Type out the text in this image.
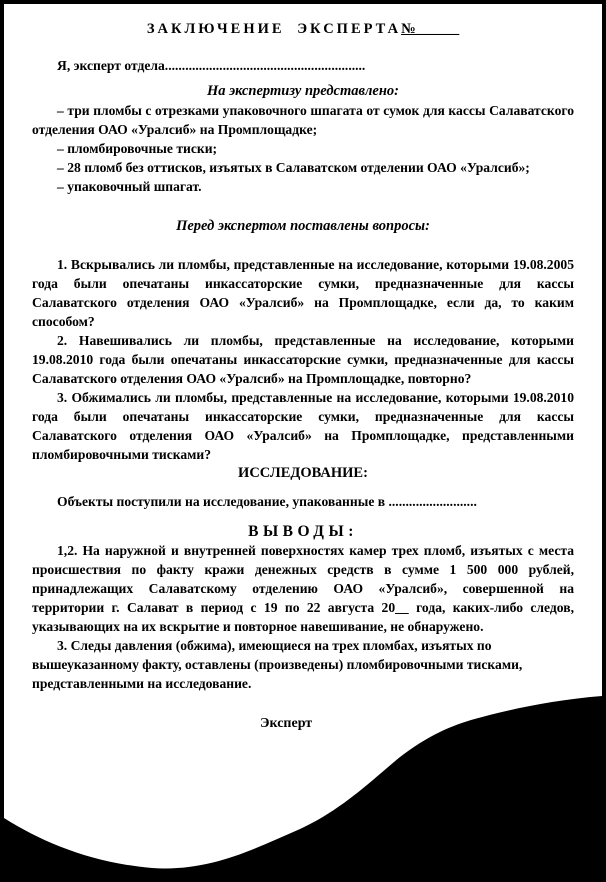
ЗАКЛЮЧЕНИЕ ЭКСПЕРТА№______
Я, эксперт отдела...........................................................
На экспертизу представлено:
– три пломбы с отрезками упаковочного шпагата от сумок для кассы Салаватского отделения ОАО «Уралсиб» на Промплощадке;
– пломбировочные тиски;
– 28 пломб без оттисков, изъятых в Салаватском отделении ОАО «Уралсиб»;
– упаковочный шпагат.
Перед экспертом поставлены вопросы:
1. Вскрывались ли пломбы, представленные на исследование, которыми 19.08.2005 года были опечатаны инкассаторские сумки, предназначенные для кассы Салаватского отделения ОАО «Уралсиб» на Промплощадке, если да, то каким способом?
2. Навешивались ли пломбы, представленные на исследование, которыми 19.08.2010 года были опечатаны инкассаторские сумки, предназначенные для кассы Салаватского отделения ОАО «Уралсиб» на Промплощадке, повторно?
3. Обжимались ли пломбы, представленные на исследование, которыми 19.08.2010 года были опечатаны инкассаторские сумки, предназначенные для кассы Салаватского отделения ОАО «Уралсиб» на Промплощадке, представленными пломбировочными тисками?
ИССЛЕДОВАНИЕ:
Объекты поступили на исследование, упакованные в ..........................
ВЫВОДЫ:
1,2. На наружной и внутренней поверхностях камер трех пломб, изъятых с места происшествия по факту кражи денежных средств в сумме 1 500 000 рублей, принадлежащих Салаватскому отделению ОАО «Уралсиб», совершенной на территории г. Салават в период с 19 по 22 августа 20__ года, каких-либо следов, указывающих на их вскрытие и повторное навешивание, не обнаружено.
3. Следы давления (обжима), имеющиеся на трех пломбах, изъятых по вышеуказанному факту, оставлены (произведены) пломбировочными тисками, представленными на исследование.
Эксперт	Гафаров Ю. Р.
